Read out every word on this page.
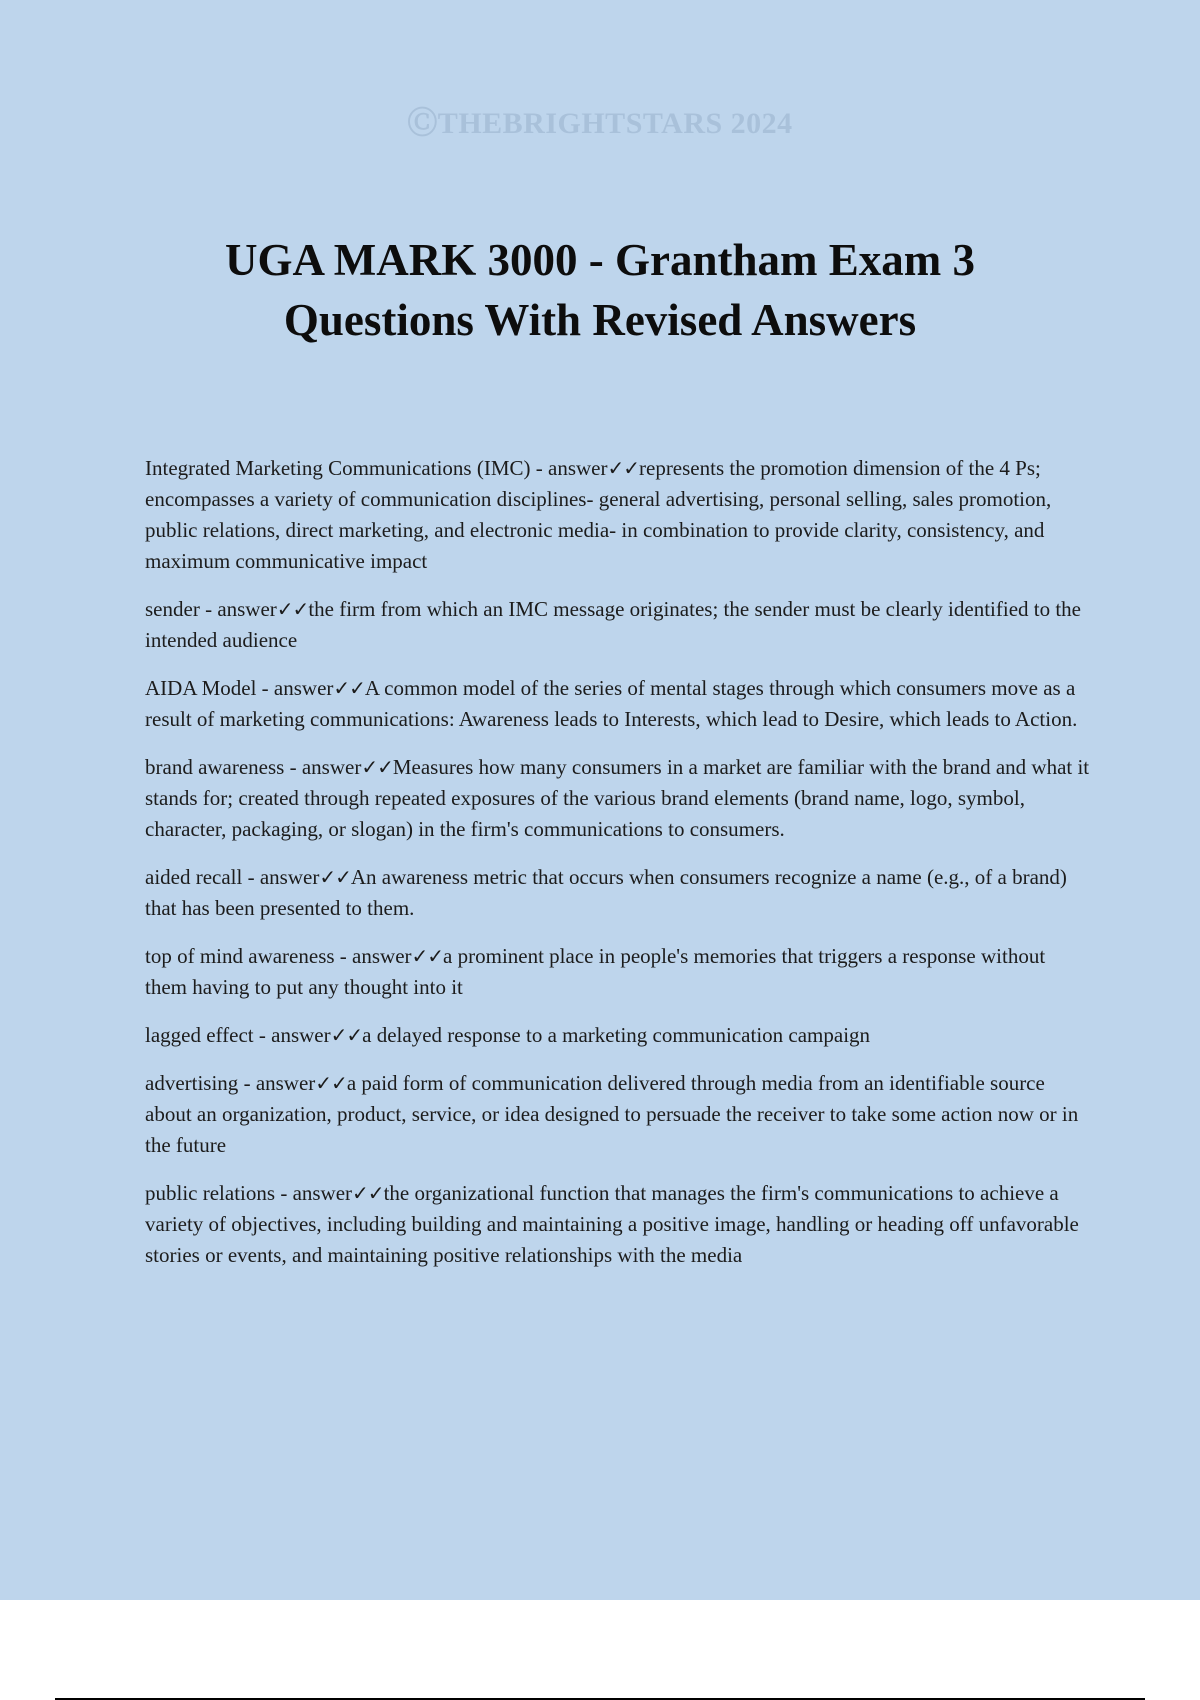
ⒸTHEBRIGHTSTARS 2024
UGA MARK 3000 - Grantham Exam 3
Questions With Revised Answers

Integrated Marketing Communications (IMC) - answer✓✓represents the promotion dimension of the 4 Ps; encompasses a variety of communication disciplines- general advertising, personal selling, sales promotion, public relations, direct marketing, and electronic media- in combination to provide clarity, consistency, and maximum communicative impact

sender - answer✓✓the firm from which an IMC message originates; the sender must be clearly identified to the intended audience

AIDA Model - answer✓✓A common model of the series of mental stages through which consumers move as a result of marketing communications: Awareness leads to Interests, which lead to Desire, which leads to Action.

brand awareness - answer✓✓Measures how many consumers in a market are familiar with the brand and what it stands for; created through repeated exposures of the various brand elements (brand name, logo, symbol, character, packaging, or slogan) in the firm's communications to consumers.

aided recall - answer✓✓An awareness metric that occurs when consumers recognize a name (e.g., of a brand) that has been presented to them.

top of mind awareness - answer✓✓a prominent place in people's memories that triggers a response without them having to put any thought into it

lagged effect - answer✓✓a delayed response to a marketing communication campaign

advertising - answer✓✓a paid form of communication delivered through media from an identifiable source about an organization, product, service, or idea designed to persuade the receiver to take some action now or in the future

public relations - answer✓✓the organizational function that manages the firm's communications to achieve a variety of objectives, including building and maintaining a positive image, handling or heading off unfavorable stories or events, and maintaining positive relationships with the media
